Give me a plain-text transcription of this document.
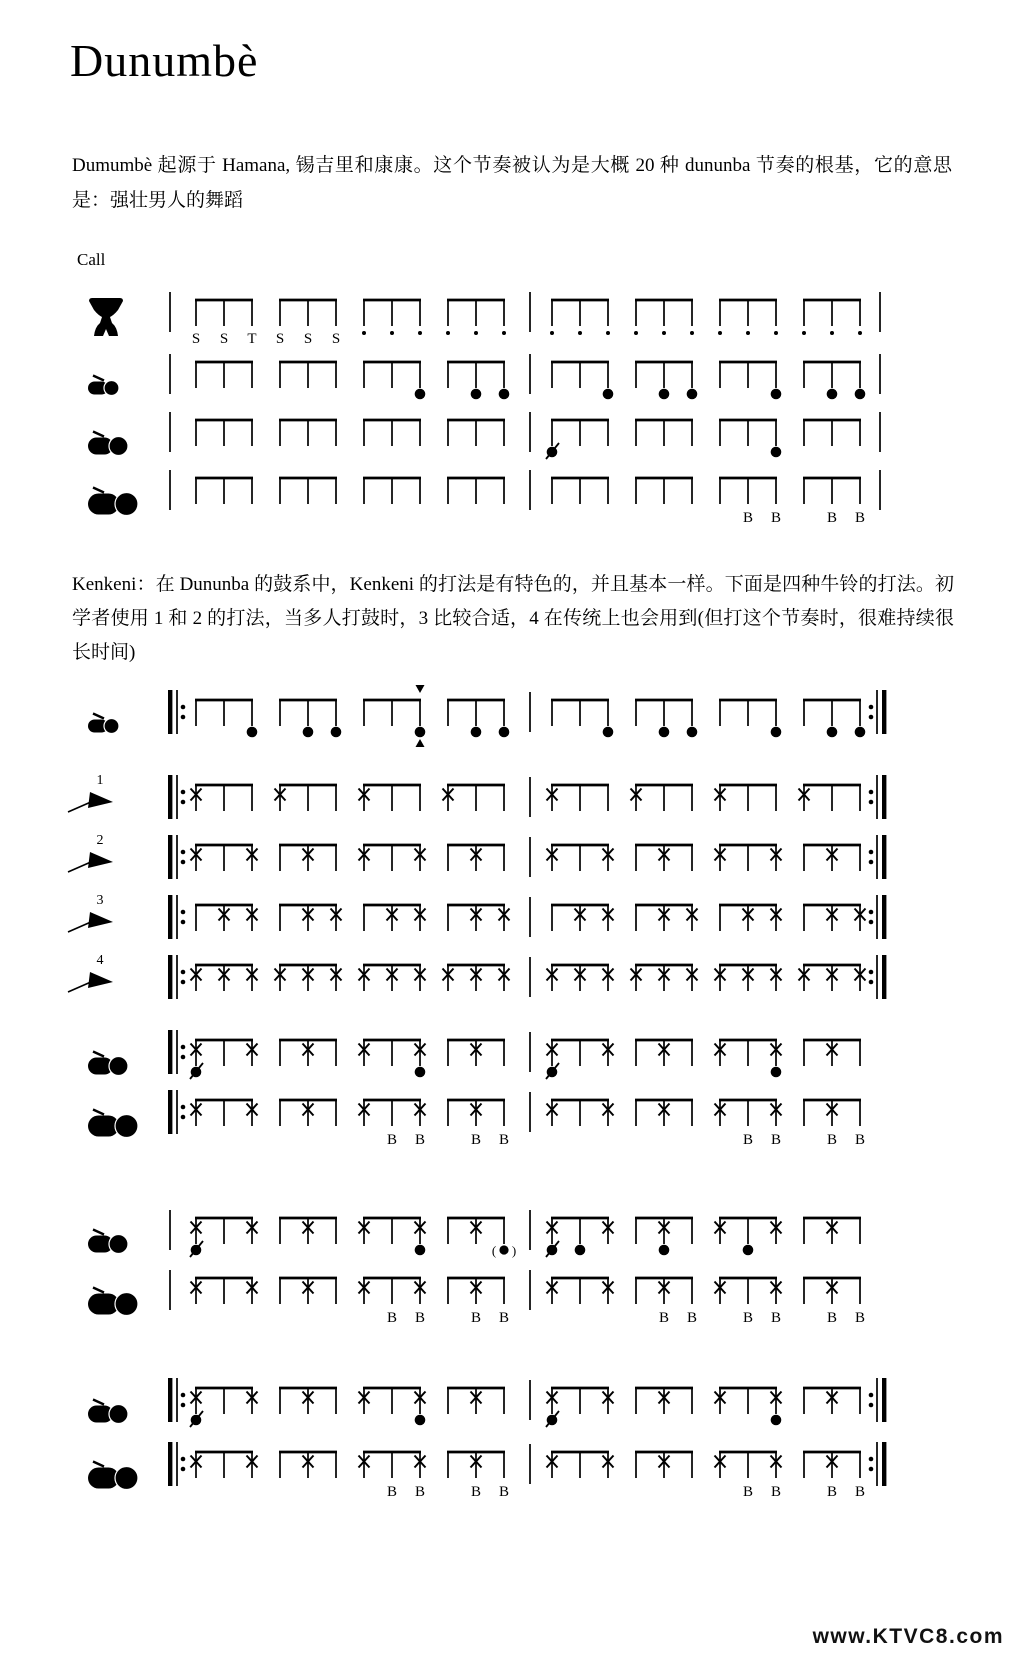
Dunumbè

Dumumbè 起源于 Hamana, 锡吉里和康康。这个节奏被认为是大概 20 种 dununba 节奏的根基，它的意思是：强壮男人的舞蹈

Call

Kenkeni：在 Dununba 的鼓系中，Kenkeni 的打法是有特色的，并且基本一样。下面是四种牛铃的打法。初学者使用 1 和 2 的打法，当多人打鼓时，3 比较合适，4 在传统上也会用到(但打这个节奏时，很难持续很长时间)

S S T S S S
B B	B B
1
2
3
4
B B	B B	B B	B B
( )
B B	B B	B B	B B	B B
B B	B B	B B	B B
www.KTVC8.com
